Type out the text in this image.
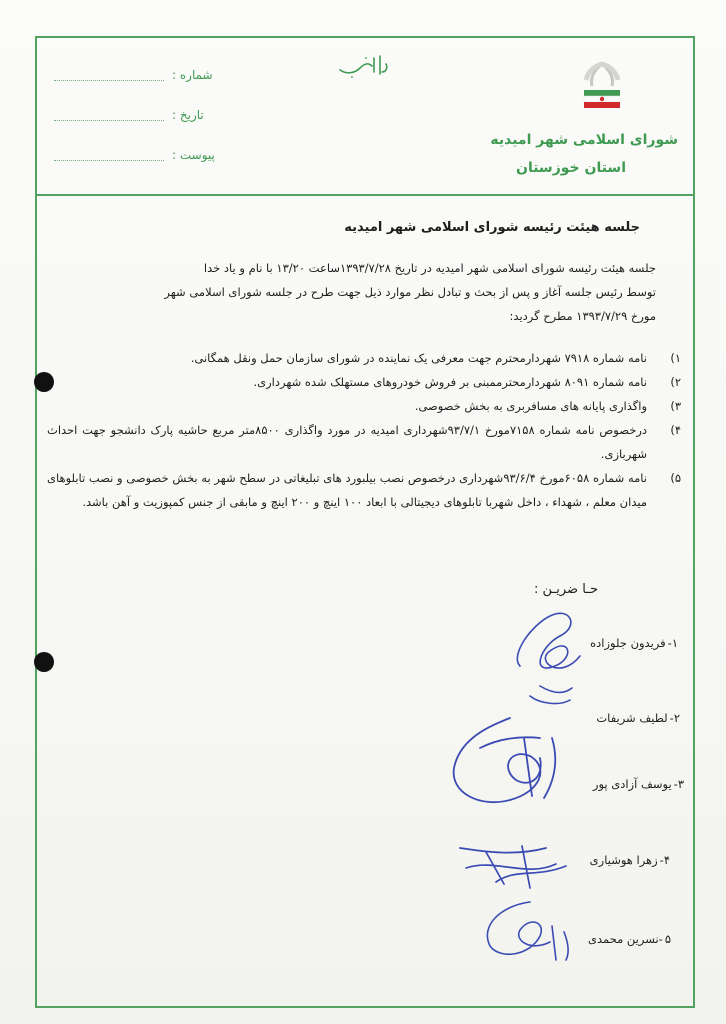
شورای اسلامی شهر امیدیه
استان خوزستان
شماره :
تاریخ :
پیوست :
جلسه هیئت رئیسه شورای اسلامی شهر امیدیه

جلسه هیئت رئیسه شورای اسلامی شهر امیدیه در تاریخ ۱۳۹۳/۷/۲۸ساعت ۱۳/۲۰ با نام و یاد خدا

توسط رئیس جلسه آغاز و پس از بحث و تبادل نظر موارد ذیل جهت طرح در جلسه شورای اسلامی شهر

مورخ ۱۳۹۳/۷/۲۹ مطرح گردید:

۱)
نامه شماره ۷۹۱۸ شهردارمحترم جهت معرفی یک نماینده در شورای سازمان حمل ونقل همگانی.
۲)
نامه شماره ۸۰۹۱ شهردارمحترممبنی بر فروش خودروهای مستهلک شده شهرداری.
۳)
واگذاری پایانه های مسافربری به بخش خصوصی.
۴)
درخصوص نامه شماره ۷۱۵۸مورخ ۹۳/۷/۱شهرداری امیدیه در مورد واگذاری ۸۵۰۰متر مربع حاشیه پارک دانشجو جهت احداث شهربازی.
۵)
نامه شماره ۶۰۵۸مورخ ۹۳/۶/۴شهرداری درخصوص نصب بیلبورد های تبلیغاتی در سطح شهر به بخش خصوصی و نصب تابلوهای میدان معلم ، شهداء ، داخل شهربا تابلوهای دیجیتالی با ابعاد ۱۰۰ اینچ و ۲۰۰ اینچ و مابقی از جنس کمپوزیت و آهن باشد.
حـا ضریـن :
۱-
فریدون جلوزاده
۲-
لطیف شریفات
۳-
یوسف آزادی پور
۴-
زهرا هوشیاری
۵
-نسرین محمدی
